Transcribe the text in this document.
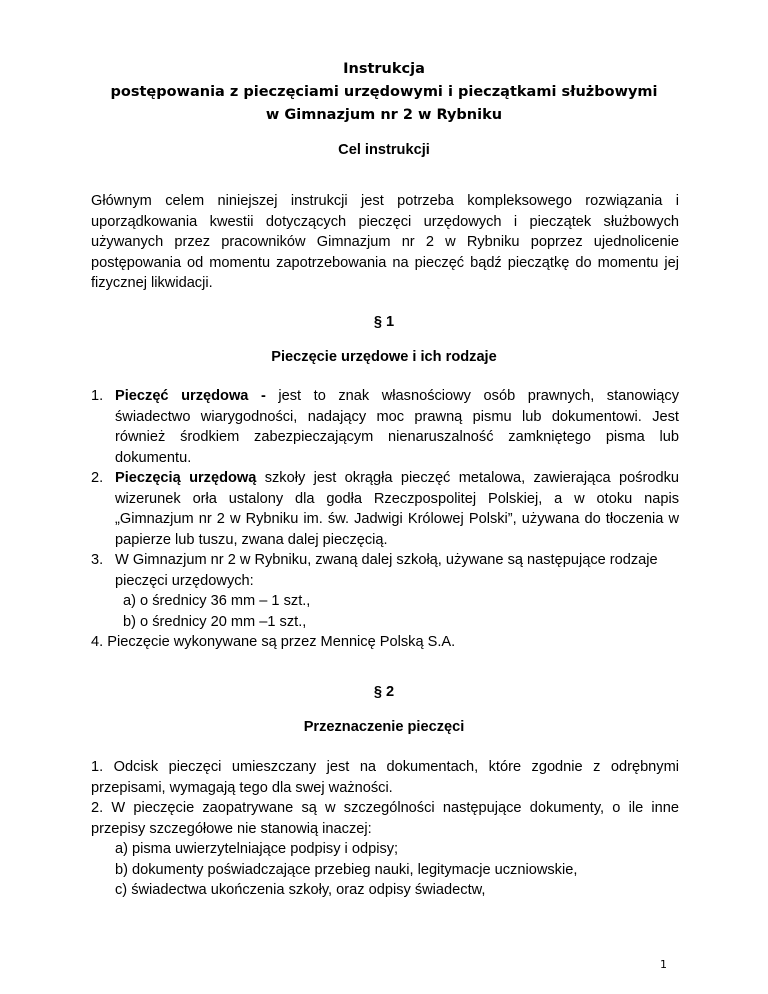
Instrukcja
postępowania z pieczęciami urzędowymi i pieczątkami służbowymi
w Gimnazjum nr 2 w Rybniku
Cel instrukcji

Głównym celem niniejszej instrukcji jest potrzeba kompleksowego rozwiązania i uporządkowania kwestii dotyczących pieczęci urzędowych i pieczątek służbowych używanych przez pracowników Gimnazjum nr 2 w Rybniku poprzez ujednolicenie postępowania od momentu zapotrzebowania na pieczęć bądź pieczątkę do momentu jej fizycznej likwidacji.

§ 1
Pieczęcie urzędowe i ich rodzaje
1. Pieczęć urzędowa - jest to znak własnościowy osób prawnych, stanowiący świadectwo wiarygodności, nadający moc prawną pismu lub dokumentowi. Jest również środkiem zabezpieczającym nienaruszalność zamkniętego pisma lub dokumentu.
2. Pieczęcią urzędową szkoły jest okrągła pieczęć metalowa, zawierająca pośrodku wizerunek orła ustalony dla godła Rzeczpospolitej Polskiej, a w otoku napis „Gimnazjum nr 2 w Rybniku im. św. Jadwigi Królowej Polski”, używana do tłoczenia w papierze lub tuszu, zwana dalej pieczęcią.
3. W Gimnazjum nr 2 w Rybniku, zwaną dalej szkołą, używane są następujące rodzaje
pieczęci urzędowych:
a) o średnicy 36 mm – 1 szt.,
b) o średnicy 20 mm –1 szt.,
4. Pieczęcie wykonywane są przez Mennicę Polską S.A.
§ 2
Przeznaczenie pieczęci

1. Odcisk pieczęci umieszczany jest na dokumentach, które zgodnie z odrębnymi przepisami, wymagają tego dla swej ważności.

2. W pieczęcie zaopatrywane są w szczególności następujące dokumenty, o ile inne przepisy szczegółowe nie stanowią inaczej:

a) pisma uwierzytelniające podpisy i odpisy;
b) dokumenty poświadczające przebieg nauki, legitymacje uczniowskie,
c) świadectwa ukończenia szkoły, oraz odpisy świadectw,
1
